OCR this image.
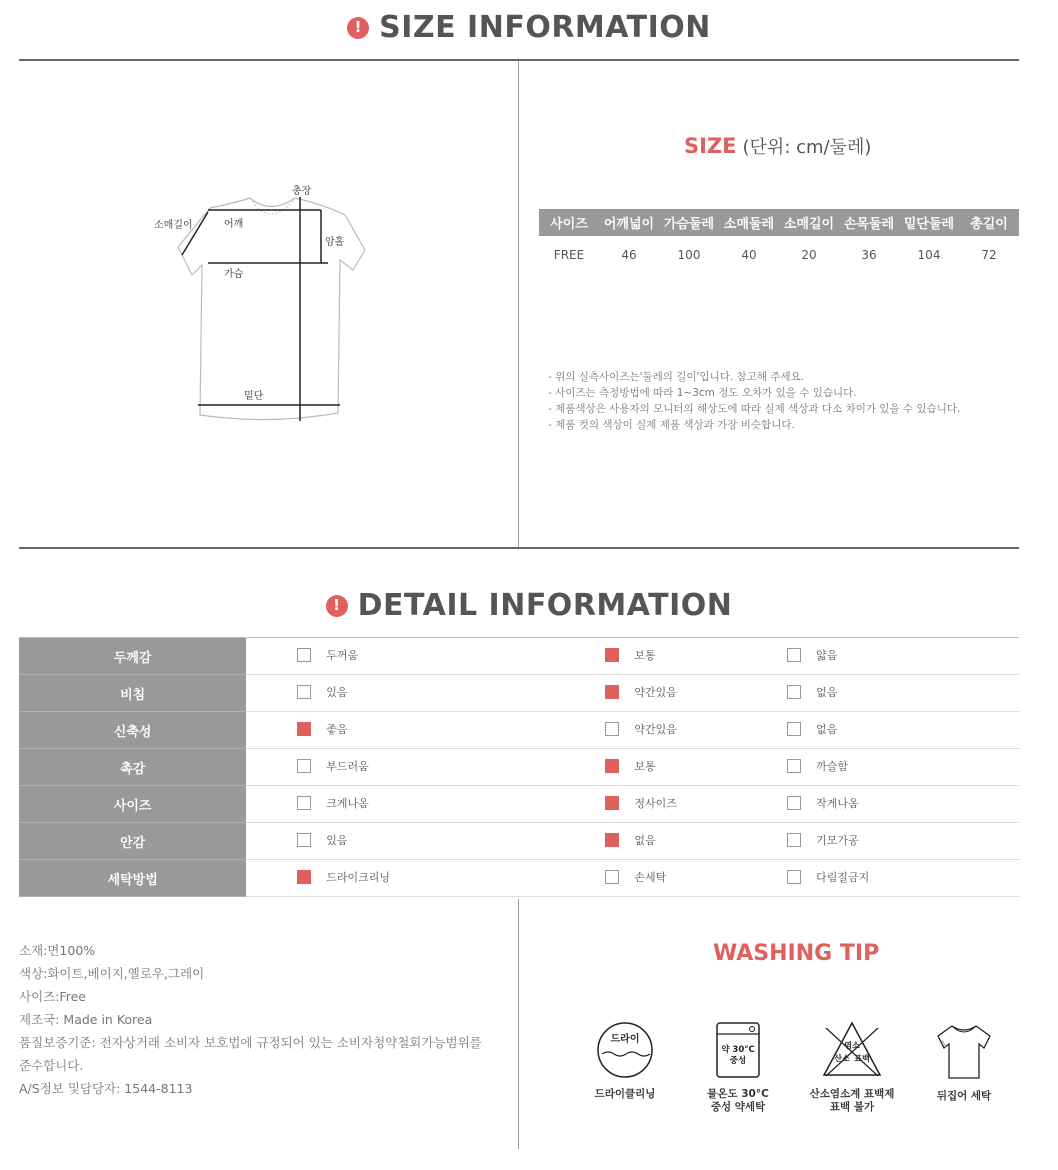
! SIZE INFORMATION
총장
소매길이	어깨
암홀
가슴
밑단
SIZE (단위: cm/둘레)
사이즈	어깨넓이	가슴둘레	소매둘레	소매길이	손목둘레	밑단둘레	총길이
FREE	46	100	40	20	36	104	72
- 위의 실측사이즈는'둘레의 길이'입니다. 참고해 주세요.
- 사이즈는 측정방법에 따라 1~3cm 정도 오차가 있을 수 있습니다.
- 제품색상은 사용자의 모니터의 해상도에 따라 실제 색상과 다소 차이가 있을 수 있습니다.
- 제품 컷의 색상이 실제 제품 색상과 가장 비슷합니다.
! DETAIL INFORMATION
두께감	두꺼움	보통	얇음

비침	있음	약간있음	없음

신축성	좋음	약간있음	없음

촉감	부드러움	보통	까슬함

사이즈	크게나옴	정사이즈	작게나옴

안감	있음	없음	기모가공

세탁방법	드라이크리닝	손세탁	다림질금지
소재:면100%
색상:화이트,베이지,옐로우,그레이
사이즈:Free
제조국: Made in Korea
품질보증기준: 전자상거래 소비자 보호법에 규정되어 있는 소비자청약철회가능범위를
준수합니다.
A/S정보 및담당자: 1544-8113
WASHING TIP
드라이
드라이클리닝
약 30°C
중성
물온도 30°C
중성 약세탁
염소
산소 표백
산소염소계 표백제
표백 불가
뒤집어 세탁
